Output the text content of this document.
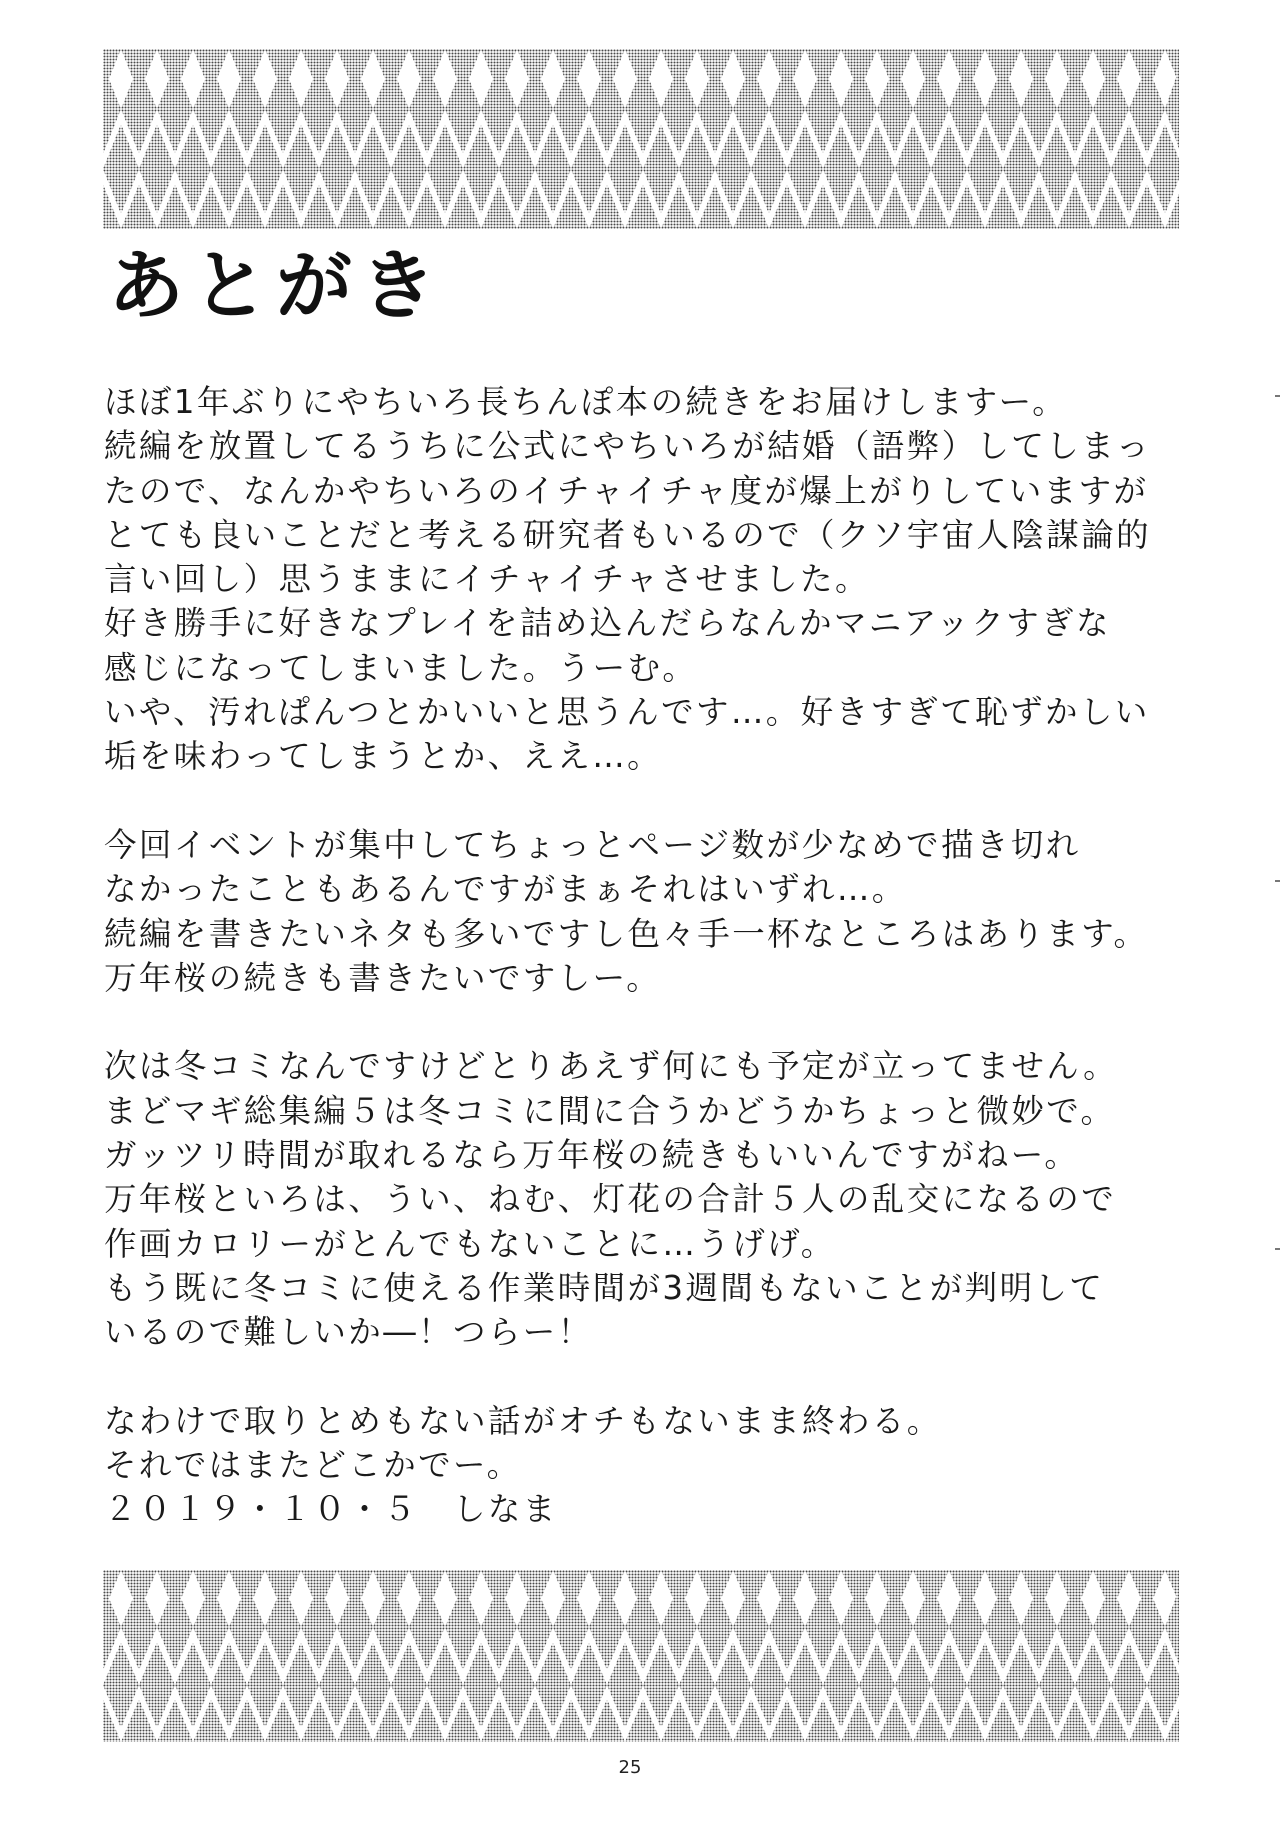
あとがき
ほぼ1年ぶりにやちいろ長ちんぽ本の続きをお届けしますー。
続編を放置してるうちに公式にやちいろが結婚（語弊）してしまっ
たので、なんかやちいろのイチャイチャ度が爆上がりしていますが
とても良いことだと考える研究者もいるので（クソ宇宙人陰謀論的
言い回し）思うままにイチャイチャさせました。
好き勝手に好きなプレイを詰め込んだらなんかマニアックすぎな
感じになってしまいました。うーむ。
いや、汚れぱんつとかいいと思うんです…。好きすぎて恥ずかしい
垢を味わってしまうとか、ええ…。
今回イベントが集中してちょっとページ数が少なめで描き切れ
なかったこともあるんですがまぁそれはいずれ…。
続編を書きたいネタも多いですし色々手一杯なところはあります。
万年桜の続きも書きたいですしー。
次は冬コミなんですけどとりあえず何にも予定が立ってません。
まどマギ総集編５は冬コミに間に合うかどうかちょっと微妙で。
ガッツリ時間が取れるなら万年桜の続きもいいんですがねー。
万年桜といろは、うい、ねむ、灯花の合計５人の乱交になるので
作画カロリーがとんでもないことに…うげげ。
もう既に冬コミに使える作業時間が3週間もないことが判明して
いるので難しいか―！つらー！
なわけで取りとめもない話がオチもないまま終わる。
それではまたどこかでー。
２０１９・１０・５　しなま
25
